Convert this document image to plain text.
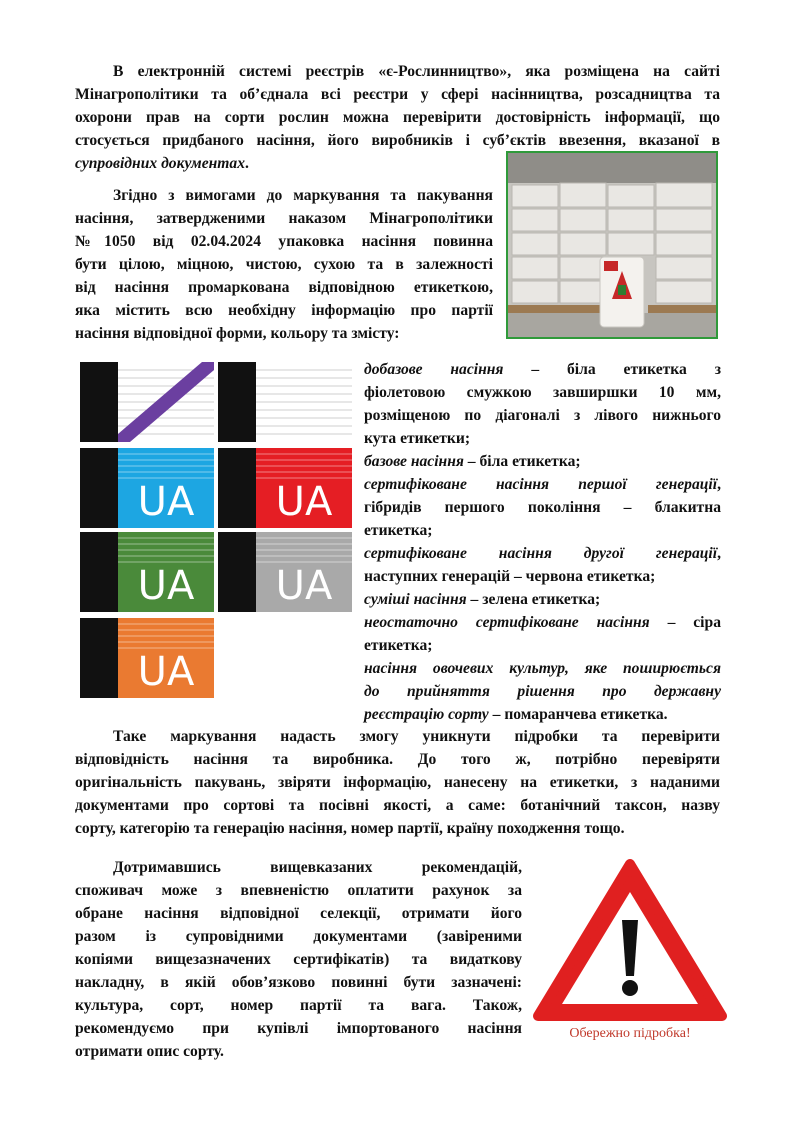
В електронній системі реєстрів «є-Рослинництво», яка розміщена на сайті
Мінагрополітики та об’єднала всі реєстри у сфері насінництва, розсадництва та
охорони прав на сорти рослин можна перевірити достовірність інформації, що
стосується придбаного насіння, його виробників і суб’єктів ввезення, вказаної в
супровідних документах.
Згідно з вимогами до маркування та пакування
насіння, затвердженими наказом Мінагрополітики
№1050 від 02.04.2024 упаковка насіння повинна
бути цілою, міцною, чистою, сухою та в залежності
від насіння промаркована відповідною етикеткою,
яка містить всю необхідну інформацію про партії
насіння відповідної форми, кольору та змісту:
UA	UA
UA	UA
UA
добазове насіння – біла етикетка з
фіолетовою смужкою завширшки 10 мм,
розміщеною по діагоналі з лівого нижнього
кута етикетки;
базове насіння – біла етикетка;
сертифіковане насіння першої генерації,
гібридів першого покоління – блакитна
етикетка;
сертифіковане насіння другої генерації,
наступних генерацій – червона етикетка;
суміші насіння – зелена етикетка;
неостаточно сертифіковане насіння – сіра
етикетка;
насіння овочевих культур, яке поширюється
до прийняття рішення про державну
реєстрацію сорту – помаранчева етикетка.
Таке маркування надасть змогу уникнути підробки та перевірити
відповідність насіння та виробника. До того ж, потрібно перевіряти
оригінальність пакувань, звіряти інформацію, нанесену на етикетки, з наданими
документами про сортові та посівні якості, а саме: ботанічний таксон, назву
сорту, категорію та генерацію насіння, номер партії, країну походження тощо.
Дотримавшись вищевказаних рекомендацій,
споживач може з впевненістю оплатити рахунок за
обране насіння відповідної селекції, отримати його
разом із супровідними документами (завіреними
копіями вищезазначених сертифікатів) та видаткову
накладну, в якій обов’язково повинні бути зазначені:
культура, сорт, номер партії та вага. Також,
рекомендуємо при купівлі імпортованого насіння
отримати опис сорту.
Обережно підробка!
